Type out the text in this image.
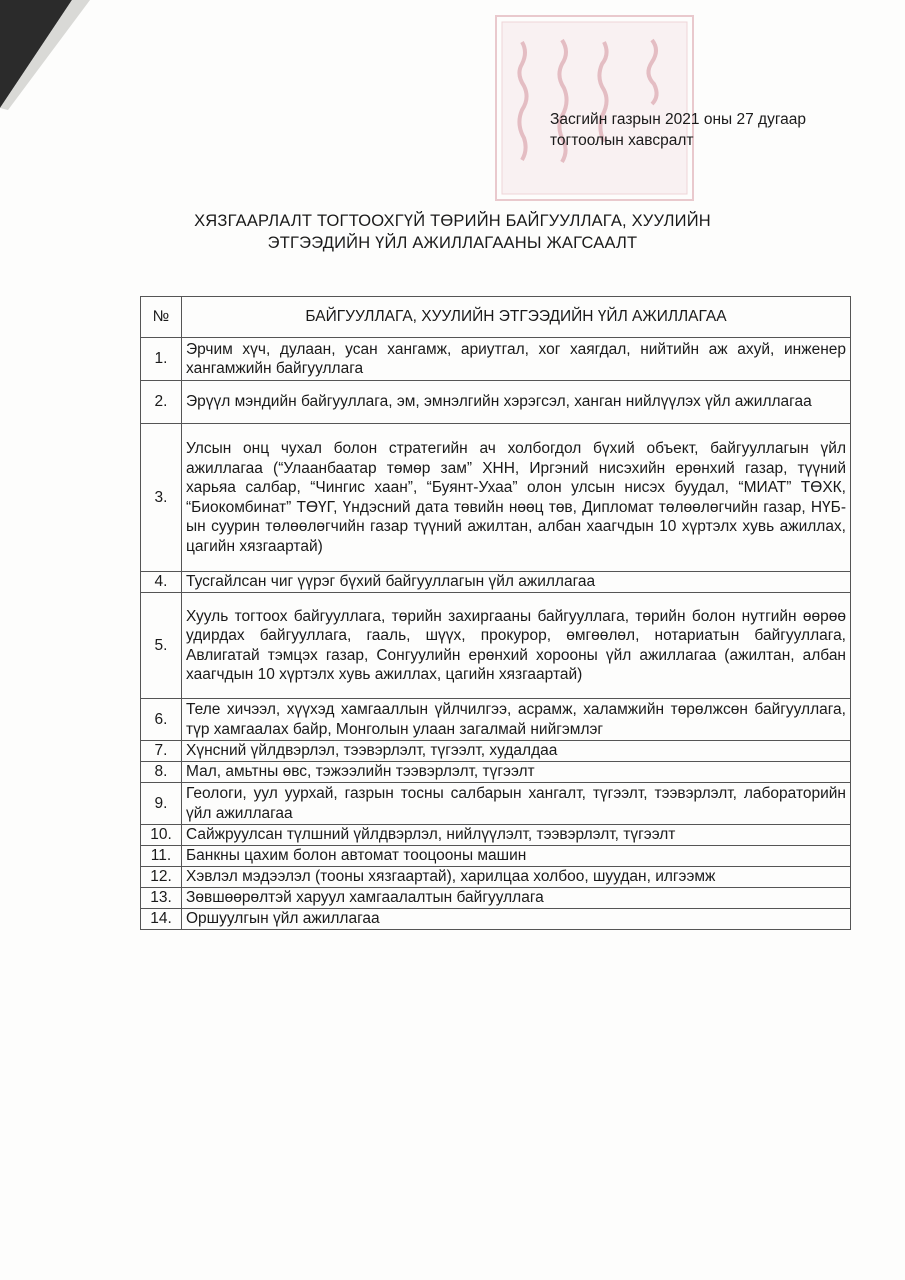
Засгийн газрын 2021 оны 27 дугаар
тогтоолын хавсралт
ХЯЗГААРЛАЛТ ТОГТООХГҮЙ ТӨРИЙН БАЙГУУЛЛАГА, ХУУЛИЙН
ЭТГЭЭДИЙН ҮЙЛ АЖИЛЛАГААНЫ ЖАГСААЛТ
№	БАЙГУУЛЛАГА, ХУУЛИЙН ЭТГЭЭДИЙН ҮЙЛ АЖИЛЛАГАА
1.	Эрчим хүч, дулаан, усан хангамж, ариутгал, хог хаягдал, нийтийн аж ахуй, инженер хангамжийн байгууллага
2.	Эрүүл мэндийн байгууллага, эм, эмнэлгийн хэрэгсэл, ханган нийлүүлэх үйл ажиллагаа
3.	Улсын онц чухал болон стратегийн ач холбогдол бүхий объект, байгууллагын үйл ажиллагаа (“Улаанбаатар төмөр зам” ХНН, Иргэний нисэхийн ерөнхий газар, түүний харьяа салбар, “Чингис хаан”, “Буянт-Ухаа” олон улсын нисэх буудал, “МИАТ” ТӨХК, “Биокомбинат” ТӨҮГ, Үндэсний дата төвийн нөөц төв, Дипломат төлөөлөгчийн газар, НҮБ-ын суурин төлөөлөгчийн газар түүний ажилтан, албан хаагчдын 10 хүртэлх хувь ажиллах, цагийн хязгаартай)
4.	Тусгайлсан чиг үүрэг бүхий байгууллагын үйл ажиллагаа
5.	Хууль тогтоох байгууллага, төрийн захиргааны байгууллага, төрийн болон нутгийн өөрөө удирдах байгууллага, гааль, шүүх, прокурор, өмгөөлөл, нотариатын байгууллага, Авлигатай тэмцэх газар, Сонгуулийн ерөнхий хорооны үйл ажиллагаа (ажилтан, албан хаагчдын 10 хүртэлх хувь ажиллах, цагийн хязгаартай)
6.	Теле хичээл, хүүхэд хамгааллын үйлчилгээ, асрамж, халамжийн төрөлжсөн байгууллага, түр хамгаалах байр, Монголын улаан загалмай нийгэмлэг
7.	Хүнсний үйлдвэрлэл, тээвэрлэлт, түгээлт, худалдаа
8.	Мал, амьтны өвс, тэжээлийн тээвэрлэлт, түгээлт
9.	Геологи, уул уурхай, газрын тосны салбарын хангалт, түгээлт, тээвэрлэлт, лабораторийн үйл ажиллагаа
10.	Сайжруулсан түлшний үйлдвэрлэл, нийлүүлэлт, тээвэрлэлт, түгээлт
11.	Банкны цахим болон автомат тооцооны машин
12.	Хэвлэл мэдээлэл (тооны хязгаартай), харилцаа холбоо, шуудан, илгээмж
13.	Зөвшөөрөлтэй харуул хамгаалалтын байгууллага
14.	Оршуулгын үйл ажиллагаа
